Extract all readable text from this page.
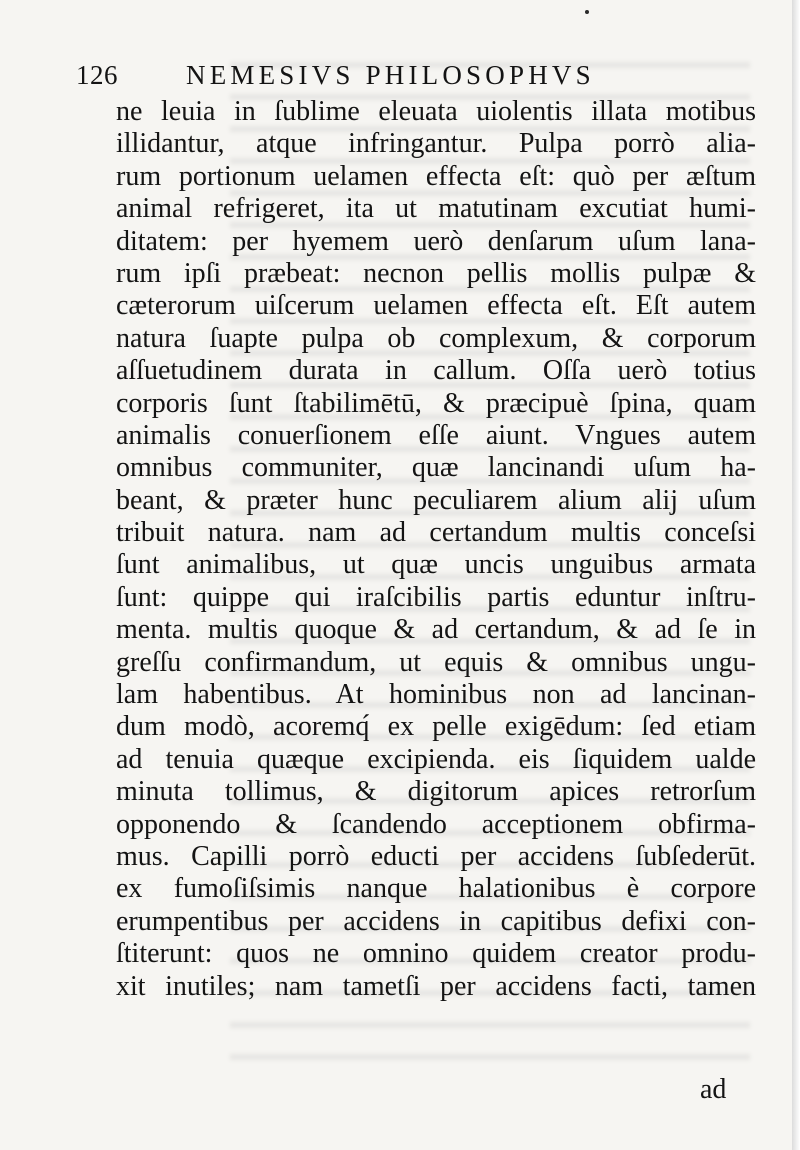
126	NEMESIVS PHILOSOPHVS
ne leuia in ſublime eleuata uiolentis illata motibus
illidantur, atque infringantur. Pulpa porrò alia-
rum portionum uelamen effecta eſt: quò per æſtum
animal refrigeret, ita ut matutinam excutiat humi-
ditatem: per hyemem uerò denſarum uſum lana-
rum ipſi præbeat: necnon pellis mollis pulpæ &
cæterorum uiſcerum uelamen effecta eſt. Eſt autem
natura ſuapte pulpa ob complexum, & corporum
aſſuetudinem durata in callum. Oſſa uerò totius
corporis ſunt ſtabilimētū, & præcipuè ſpina, quam
animalis conuerſionem eſſe aiunt. Vngues autem
omnibus communiter, quæ lancinandi uſum ha-
beant, & præter hunc peculiarem alium alij uſum
tribuit natura. nam ad certandum multis conceſsi
ſunt animalibus, ut quæ uncis unguibus armata
ſunt: quippe qui iraſcibilis partis eduntur inſtru-
menta. multis quoque & ad certandum, & ad ſe in
greſſu confirmandum, ut equis & omnibus ungu-
lam habentibus. At hominibus non ad lancinan-
dum modò, acoremq́ ex pelle exigēdum: ſed etiam
ad tenuia quæque excipienda. eis ſiquidem ualde
minuta tollimus, & digitorum apices retrorſum
opponendo & ſcandendo acceptionem obfirma-
mus. Capilli porrò educti per accidens ſubſederūt.
ex fumoſiſsimis nanque halationibus è corpore
erumpentibus per accidens in capitibus defixi con-
ſtiterunt: quos ne omnino quidem creator produ-
xit inutiles; nam tametſi per accidens facti, tamen
ad
